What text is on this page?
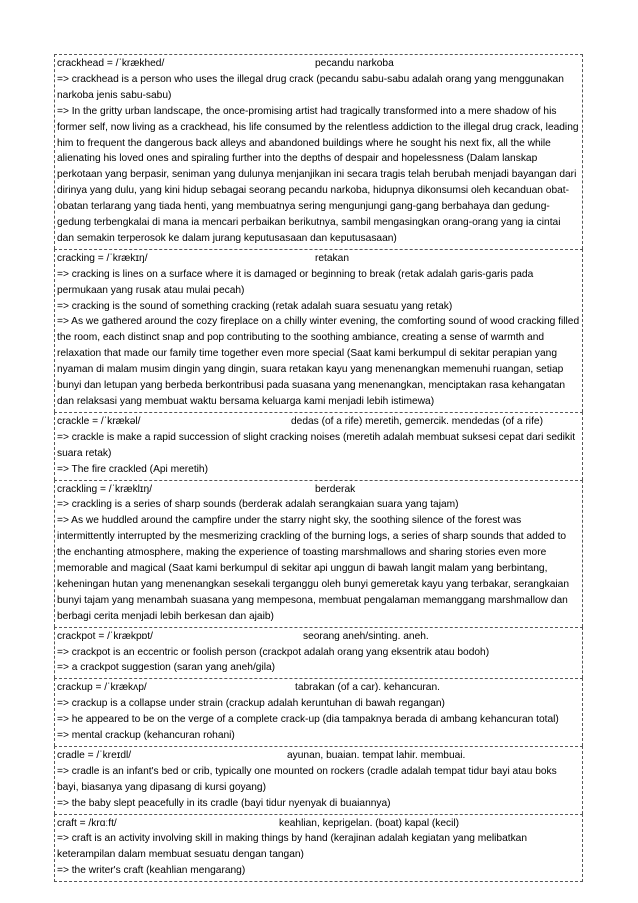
crackhead = /ˈkrækhed/	pecandu narkoba

=> crackhead is a person who uses the illegal drug crack (pecandu sabu-sabu adalah orang yang menggunakan narkoba jenis sabu-sabu)

=> In the gritty urban landscape, the once-promising artist had tragically transformed into a mere shadow of his former self, now living as a crackhead, his life consumed by the relentless addiction to the illegal drug crack, leading him to frequent the dangerous back alleys and abandoned buildings where he sought his next fix, all the while alienating his loved ones and spiraling further into the depths of despair and hopelessness (Dalam lanskap perkotaan yang berpasir, seniman yang dulunya menjanjikan ini secara tragis telah berubah menjadi bayangan dari dirinya yang dulu, yang kini hidup sebagai seorang pecandu narkoba, hidupnya dikonsumsi oleh kecanduan obat-obatan terlarang yang tiada henti, yang membuatnya sering mengunjungi gang-gang berbahaya dan gedung-gedung terbengkalai di mana ia mencari perbaikan berikutnya, sambil mengasingkan orang-orang yang ia cintai dan semakin terperosok ke dalam jurang keputusasaan dan keputusasaan)

cracking = /ˈkrækɪŋ/	retakan

=> cracking is lines on a surface where it is damaged or beginning to break (retak adalah garis-garis pada permukaan yang rusak atau mulai pecah)

=> cracking is the sound of something cracking (retak adalah suara sesuatu yang retak)

=> As we gathered around the cozy fireplace on a chilly winter evening, the comforting sound of wood cracking filled the room, each distinct snap and pop contributing to the soothing ambiance, creating a sense of warmth and relaxation that made our family time together even more special (Saat kami berkumpul di sekitar perapian yang nyaman di malam musim dingin yang dingin, suara retakan kayu yang menenangkan memenuhi ruangan, setiap bunyi dan letupan yang berbeda berkontribusi pada suasana yang menenangkan, menciptakan rasa kehangatan dan relaksasi yang membuat waktu bersama keluarga kami menjadi lebih istimewa)

crackle = /ˈkrækəl/	dedas (of a rife) meretih, gemercik. mendedas (of a rife)

=> crackle is make a rapid succession of slight cracking noises (meretih adalah membuat suksesi cepat dari sedikit suara retak)

=> The fire crackled (Api meretih)

crackling = /ˈkræklɪŋ/	berderak

=> crackling is a series of sharp sounds (berderak adalah serangkaian suara yang tajam)

=> As we huddled around the campfire under the starry night sky, the soothing silence of the forest was intermittently interrupted by the mesmerizing crackling of the burning logs, a series of sharp sounds that added to the enchanting atmosphere, making the experience of toasting marshmallows and sharing stories even more memorable and magical (Saat kami berkumpul di sekitar api unggun di bawah langit malam yang berbintang, keheningan hutan yang menenangkan sesekali terganggu oleh bunyi gemeretak kayu yang terbakar, serangkaian bunyi tajam yang menambah suasana yang mempesona, membuat pengalaman memanggang marshmallow dan berbagi cerita menjadi lebih berkesan dan ajaib)

crackpot = /ˈkrækpɒt/	seorang aneh/sinting. aneh.

=> crackpot is an eccentric or foolish person (crackpot adalah orang yang eksentrik atau bodoh)

=> a crackpot suggestion (saran yang aneh/gila)

crackup = /ˈkrækʌp/	tabrakan (of a car). kehancuran.

=> crackup is a collapse under strain (crackup adalah keruntuhan di bawah regangan)

=> he appeared to be on the verge of a complete crack-up (dia tampaknya berada di ambang kehancuran total)

=> mental crackup (kehancuran rohani)

cradle = /ˈkreɪdl/	ayunan, buaian. tempat lahir. membuai.

=> cradle is an infant's bed or crib, typically one mounted on rockers (cradle adalah tempat tidur bayi atau boks bayi, biasanya yang dipasang di kursi goyang)

=> the baby slept peacefully in its cradle (bayi tidur nyenyak di buaiannya)

craft = /krɑːft/	keahlian, keprigelan. (boat) kapal (kecil)

=> craft is an activity involving skill in making things by hand (kerajinan adalah kegiatan yang melibatkan keterampilan dalam membuat sesuatu dengan tangan)

=> the writer's craft (keahlian mengarang)
